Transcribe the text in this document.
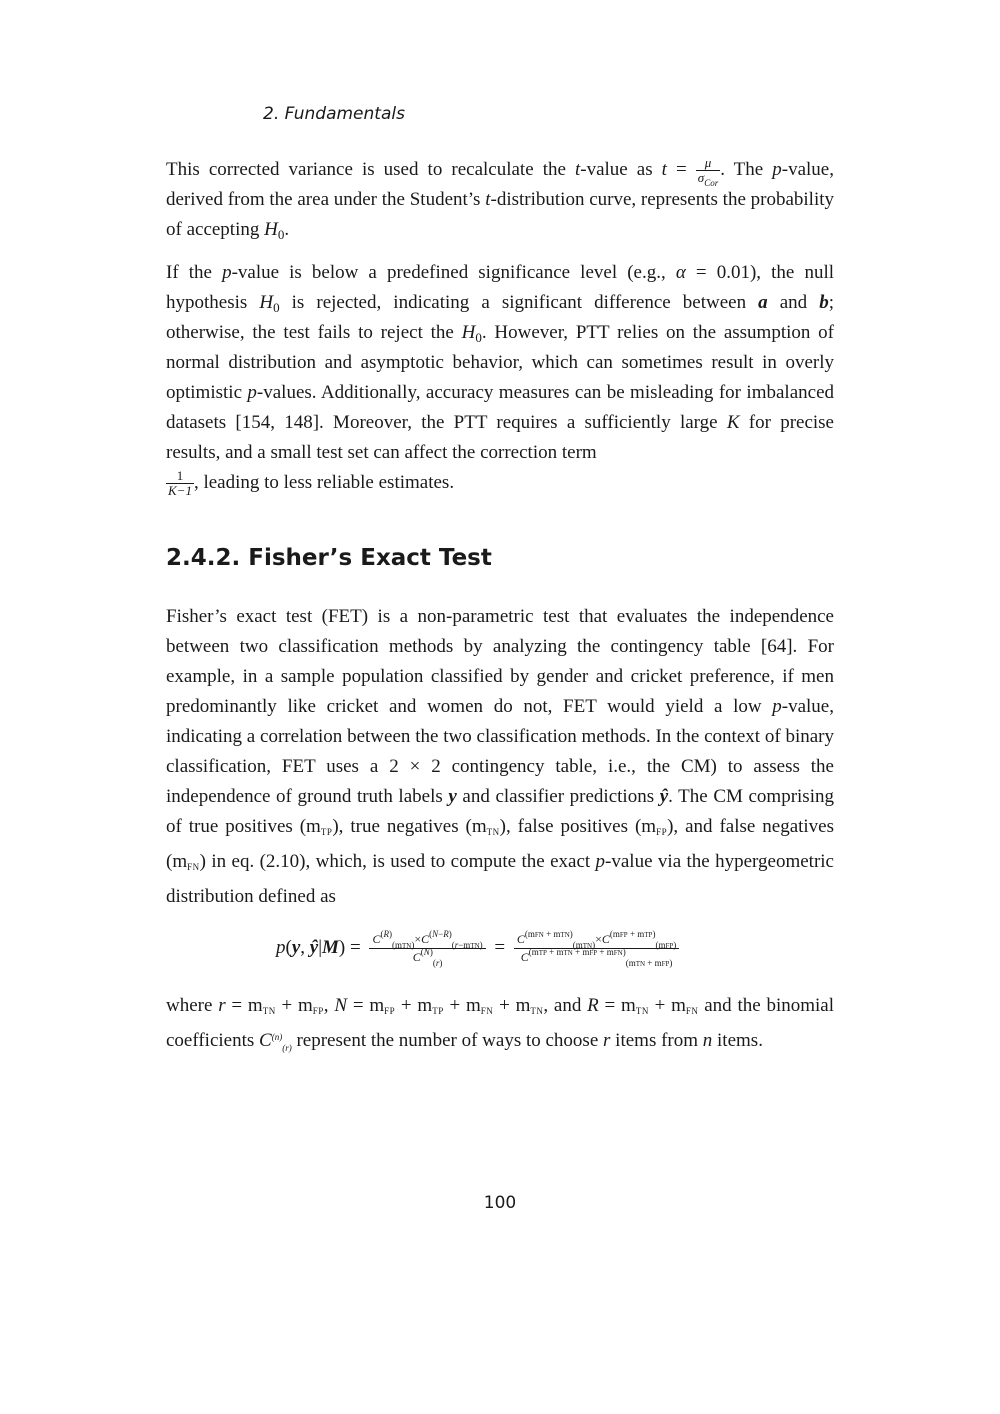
2. Fundamentals

This corrected variance is used to recalculate the t-value as $t = \frac{\mu}{\sigma_{Cor}}$ . The p-value, derived from the area under the Student’s t-distribution curve, represents the probability of accepting $H_0$.

If the p-value is below a predefined significance level (e.g., α = 0.01), the null hypothesis $H_0$ is rejected, indicating a significant difference between a and b; otherwise, the test fails to reject the $H_0$. However, PTT relies on the assumption of normal distribution and asymptotic behavior, which can sometimes result in overly optimistic p-values. Additionally, accuracy measures can be misleading for imbalanced datasets [154, 148]. Moreover, the PTT requires a sufficiently large K for precise results, and a small test set can affect the correction term

$\frac{1}{K-1}$ , leading to less reliable estimates.

2.4.2. Fisher’s Exact Test

Fisher’s exact test (FET) is a non-parametric test that evaluates the independence between two classification methods by analyzing the contingency table [64]. For example, in a sample population classified by gender and cricket preference, if men predominantly like cricket and women do not, FET would yield a low p-value, indicating a correlation between the two classification methods. In the context of binary classification, FET uses a 2 × 2 contingency table, i.e., the CM) to assess the independence of ground truth labels y and classifier predictions ŷ. The CM comprising of true positives (mTP), true negatives (mTN), false positives (mFP), and false negatives (mFN) in eq. (2.10), which, is used to compute the exact p-value via the hypergeometric distribution defined as

p(y, ŷ|M) = $\frac{C^{(R)}_{(mTN)}\times C^{(N-R)}_{(r-mTN)}}{C^{(N)}_{(r)}} = \frac{C^{(mFN + mTN)}_{(mTN)}\times C^{(mFP + mTP)}_{(mFP)}}{C^{(mTP + mTN + mFP + mFN)}_{(mTN + mFP)}}$

where r = mTN + mFP, N = mFP + mTP + mFN + mTN, and R = mTN + mFN and the binomial coefficients $C^{(n)}_{(r)}$ represent the number of ways to choose r items from n items.

100
